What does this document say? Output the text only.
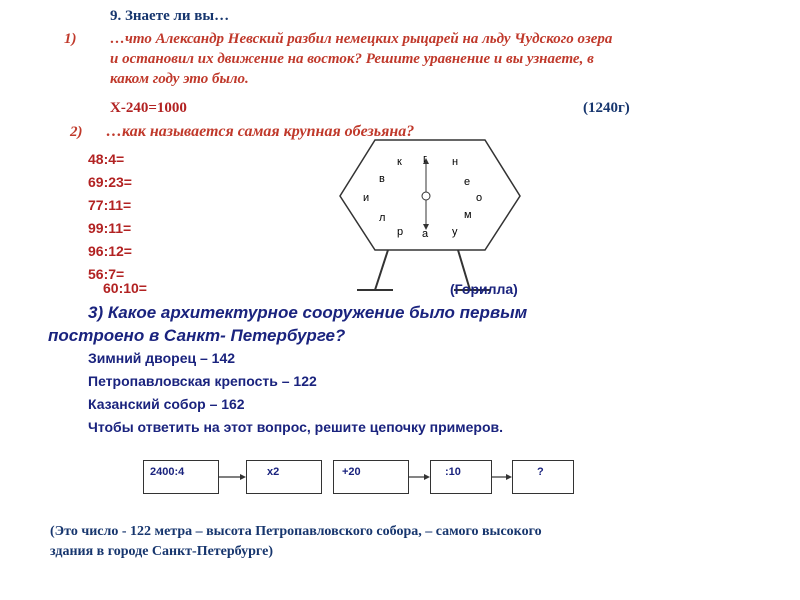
9. Знаете ли вы…
1) …что Александр Невский разбил немецких рыцарей на льду Чудского озера
и остановил их движение на восток? Решите уравнение и вы узнаете, в
каком году это было.
Х-240=1000	(1240г)
2) …как называется самая крупная обезьяна?
48:4=
69:23=
77:11=
99:11=
96:12=
56:7=
60:10=
к г н
в	е
и	о
л	м
р а у
(Горилла)
3) Какое архитектурное сооружение было первым
построено в Санкт- Петербурге?
Зимний дворец – 142
Петропавловская крепость – 122
Казанский собор – 162
Чтобы ответить на этот вопрос, решите цепочку примеров.
2400:4	х2	+20	:10	?
(Это число - 122 метра – высота Петропавловского собора, – самого высокого
здания в городе Санкт-Петербурге)
